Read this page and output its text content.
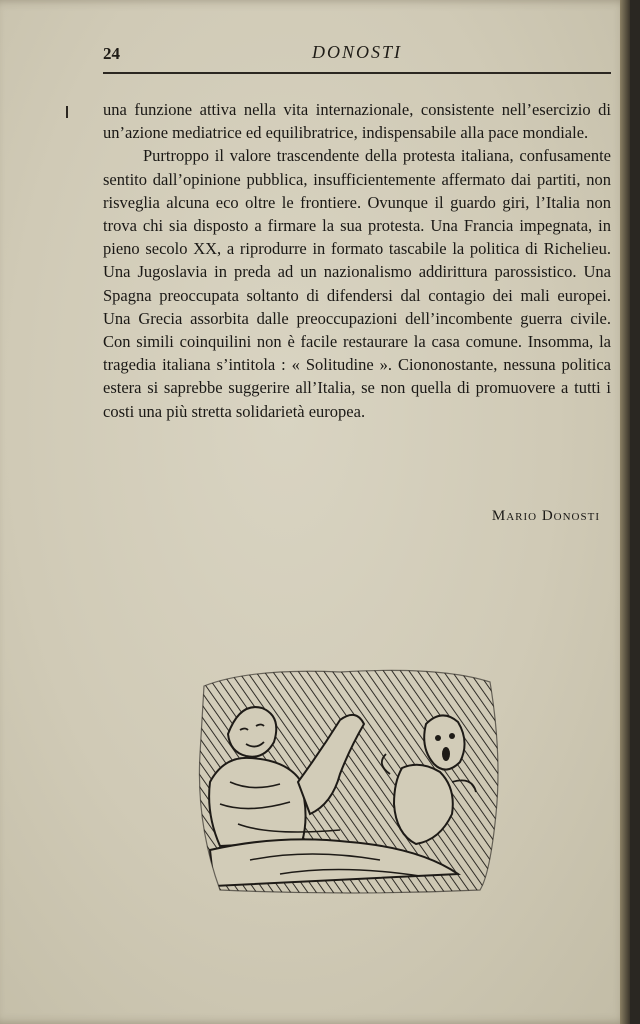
24	DONOSTI

una funzione attiva nella vita internazionale, consistente nell’esercizio di un’azione mediatrice ed equilibratrice, indispensabile alla pace mondiale.

Purtroppo il valore trascendente della protesta italiana, confusamente sentito dall’opinione pubblica, insufficientemente affermato dai partiti, non risveglia alcuna eco oltre le frontiere. Ovunque il guardo giri, l’Italia non trova chi sia disposto a firmare la sua protesta. Una Francia impegnata, in pieno secolo XX, a riprodurre in formato tascabile la politica di Richelieu. Una Jugoslavia in preda ad un nazionalismo addirittura parossistico. Una Spagna preoccupata soltanto di difendersi dal contagio dei mali europei. Una Grecia assorbita dalle preoccupazioni dell’incombente guerra civile. Con simili coinquilini non è facile restaurare la casa comune. Insomma, la tragedia italiana s’intitola : « Solitudine ». Ciononostante, nessuna politica estera si saprebbe suggerire all’Italia, se non quella di promuovere a tutti i costi una più stretta solidarietà europea.

Mario Donosti
